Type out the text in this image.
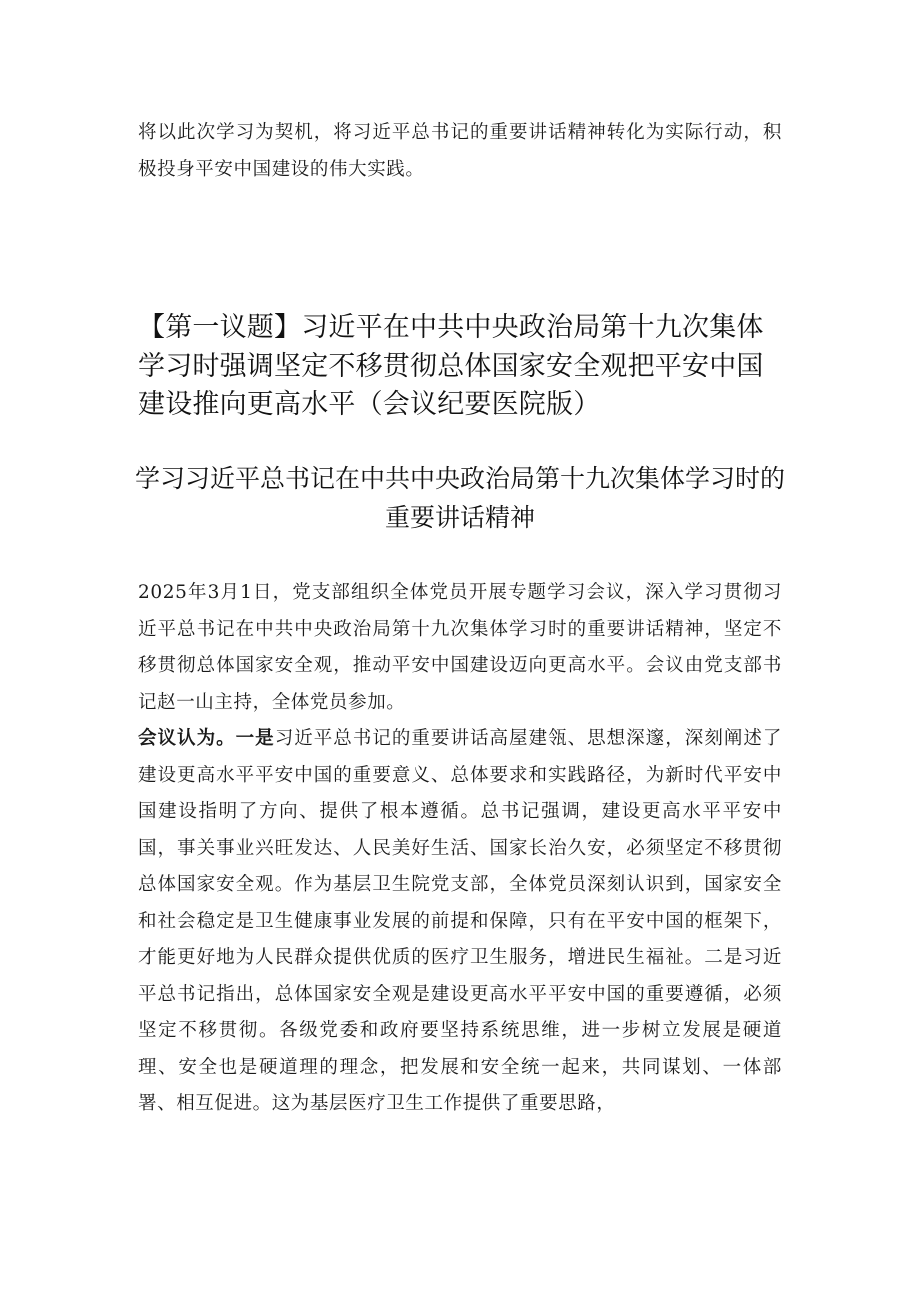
将以此次学习为契机，将习近平总书记的重要讲话精神转化为实际行动，积极投身平安中国建设的伟大实践。

【第一议题】习近平在中共中央政治局第十九次集体学习时强调坚定不移贯彻总体国家安全观把平安中国建设推向更高水平（会议纪要医院版）
学习习近平总书记在中共中央政治局第十九次集体学习时的重要讲话精神

2025年3月1日，党支部组织全体党员开展专题学习会议，深入学习贯彻习近平总书记在中共中央政治局第十九次集体学习时的重要讲话精神，坚定不移贯彻总体国家安全观，推动平安中国建设迈向更高水平。会议由党支部书记赵一山主持，全体党员参加。

会议认为。一是习近平总书记的重要讲话高屋建瓴、思想深邃，深刻阐述了建设更高水平平安中国的重要意义、总体要求和实践路径，为新时代平安中国建设指明了方向、提供了根本遵循。总书记强调，建设更高水平平安中国，事关事业兴旺发达、人民美好生活、国家长治久安，必须坚定不移贯彻总体国家安全观。作为基层卫生院党支部，全体党员深刻认识到，国家安全和社会稳定是卫生健康事业发展的前提和保障，只有在平安中国的框架下，才能更好地为人民群众提供优质的医疗卫生服务，增进民生福祉。二是习近平总书记指出，总体国家安全观是建设更高水平平安中国的重要遵循，必须坚定不移贯彻。各级党委和政府要坚持系统思维，进一步树立发展是硬道理、安全也是硬道理的理念，把发展和安全统一起来，共同谋划、一体部署、相互促进。这为基层医疗卫生工作提供了重要思路，
